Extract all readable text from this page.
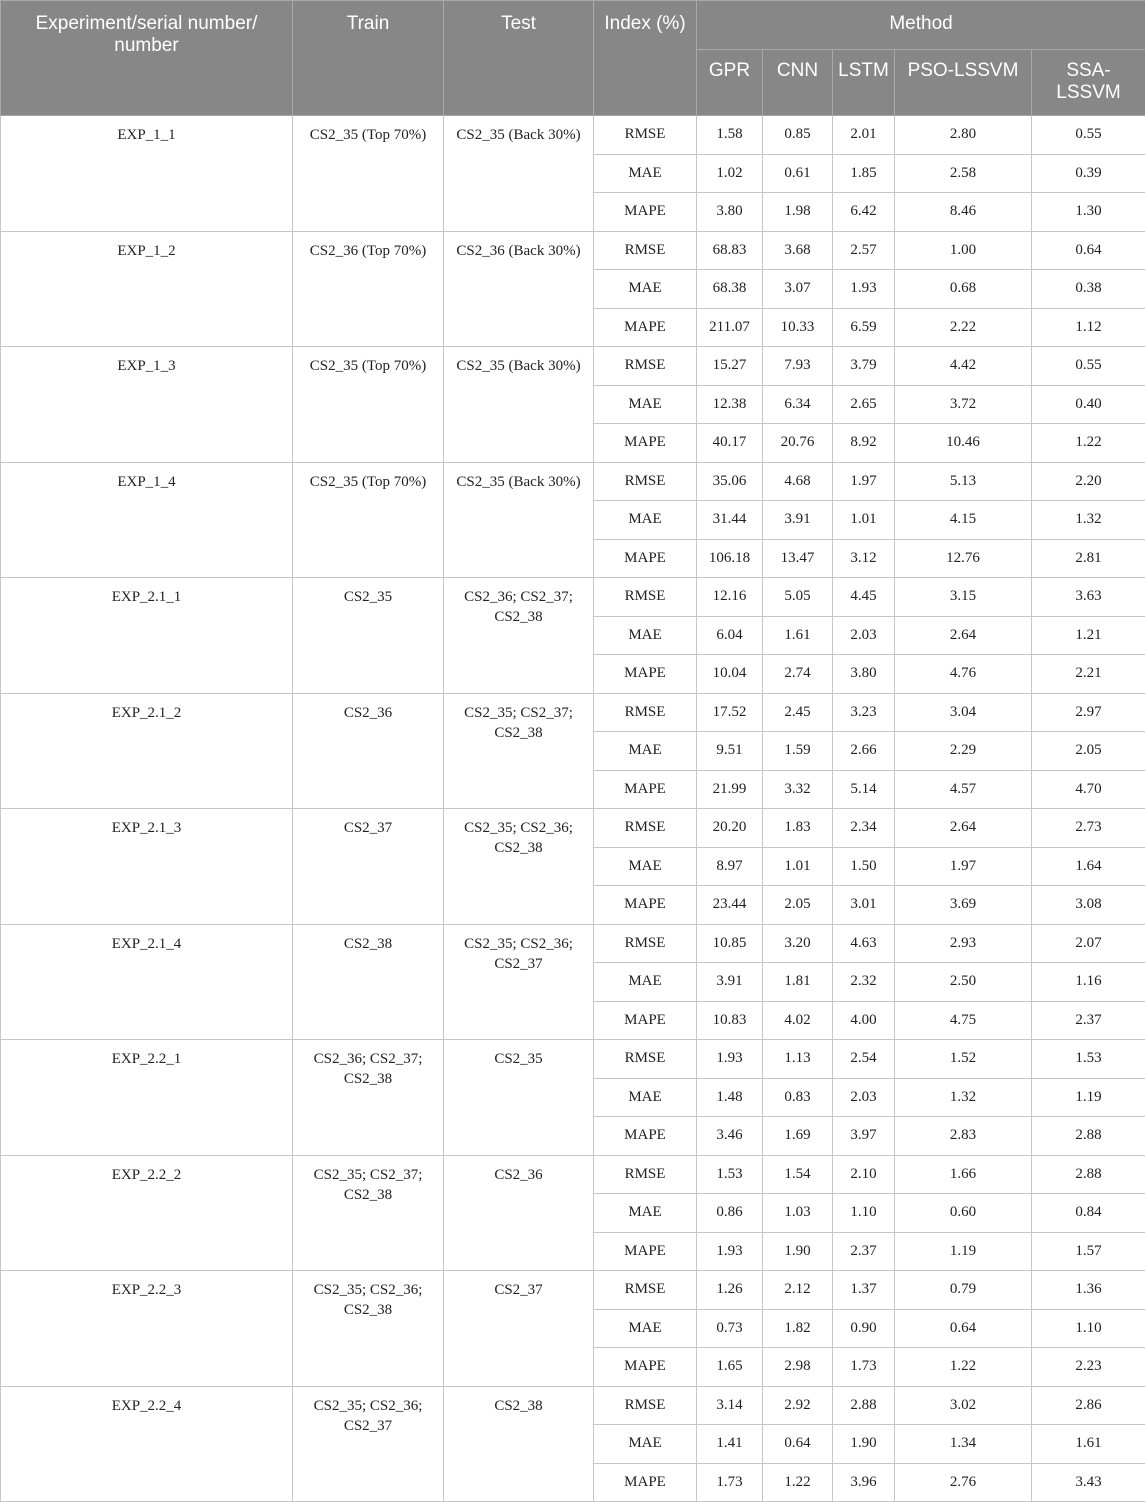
Experiment/serial number/ number	Train	Test	Index (%)	Method				
				GPR	CNN	LSTM	PSO-LSSVM	SSA-LSSVM
EXP_1_1	CS2_35 (Top 70%)	CS2_35 (Back 30%)	RMSE	1.58	0.85	2.01	2.80	0.55
			MAE	1.02	0.61	1.85	2.58	0.39
			MAPE	3.80	1.98	6.42	8.46	1.30
EXP_1_2	CS2_36 (Top 70%)	CS2_36 (Back 30%)	RMSE	68.83	3.68	2.57	1.00	0.64
			MAE	68.38	3.07	1.93	0.68	0.38
			MAPE	211.07	10.33	6.59	2.22	1.12
EXP_1_3	CS2_35 (Top 70%)	CS2_35 (Back 30%)	RMSE	15.27	7.93	3.79	4.42	0.55
			MAE	12.38	6.34	2.65	3.72	0.40
			MAPE	40.17	20.76	8.92	10.46	1.22
EXP_1_4	CS2_35 (Top 70%)	CS2_35 (Back 30%)	RMSE	35.06	4.68	1.97	5.13	2.20
			MAE	31.44	3.91	1.01	4.15	1.32
			MAPE	106.18	13.47	3.12	12.76	2.81
EXP_2.1_1	CS2_35	CS2_36; CS2_37; CS2_38	RMSE	12.16	5.05	4.45	3.15	3.63
			MAE	6.04	1.61	2.03	2.64	1.21
			MAPE	10.04	2.74	3.80	4.76	2.21
EXP_2.1_2	CS2_36	CS2_35; CS2_37; CS2_38	RMSE	17.52	2.45	3.23	3.04	2.97
			MAE	9.51	1.59	2.66	2.29	2.05
			MAPE	21.99	3.32	5.14	4.57	4.70
EXP_2.1_3	CS2_37	CS2_35; CS2_36; CS2_38	RMSE	20.20	1.83	2.34	2.64	2.73
			MAE	8.97	1.01	1.50	1.97	1.64
			MAPE	23.44	2.05	3.01	3.69	3.08
EXP_2.1_4	CS2_38	CS2_35; CS2_36; CS2_37	RMSE	10.85	3.20	4.63	2.93	2.07
			MAE	3.91	1.81	2.32	2.50	1.16
			MAPE	10.83	4.02	4.00	4.75	2.37
EXP_2.2_1	CS2_36; CS2_37; CS2_38	CS2_35	RMSE	1.93	1.13	2.54	1.52	1.53
			MAE	1.48	0.83	2.03	1.32	1.19
			MAPE	3.46	1.69	3.97	2.83	2.88
EXP_2.2_2	CS2_35; CS2_37; CS2_38	CS2_36	RMSE	1.53	1.54	2.10	1.66	2.88
			MAE	0.86	1.03	1.10	0.60	0.84
			MAPE	1.93	1.90	2.37	1.19	1.57
EXP_2.2_3	CS2_35; CS2_36; CS2_38	CS2_37	RMSE	1.26	2.12	1.37	0.79	1.36
			MAE	0.73	1.82	0.90	0.64	1.10
			MAPE	1.65	2.98	1.73	1.22	2.23
EXP_2.2_4	CS2_35; CS2_36; CS2_37	CS2_38	RMSE	3.14	2.92	2.88	3.02	2.86
			MAE	1.41	0.64	1.90	1.34	1.61
			MAPE	1.73	1.22	3.96	2.76	3.43
